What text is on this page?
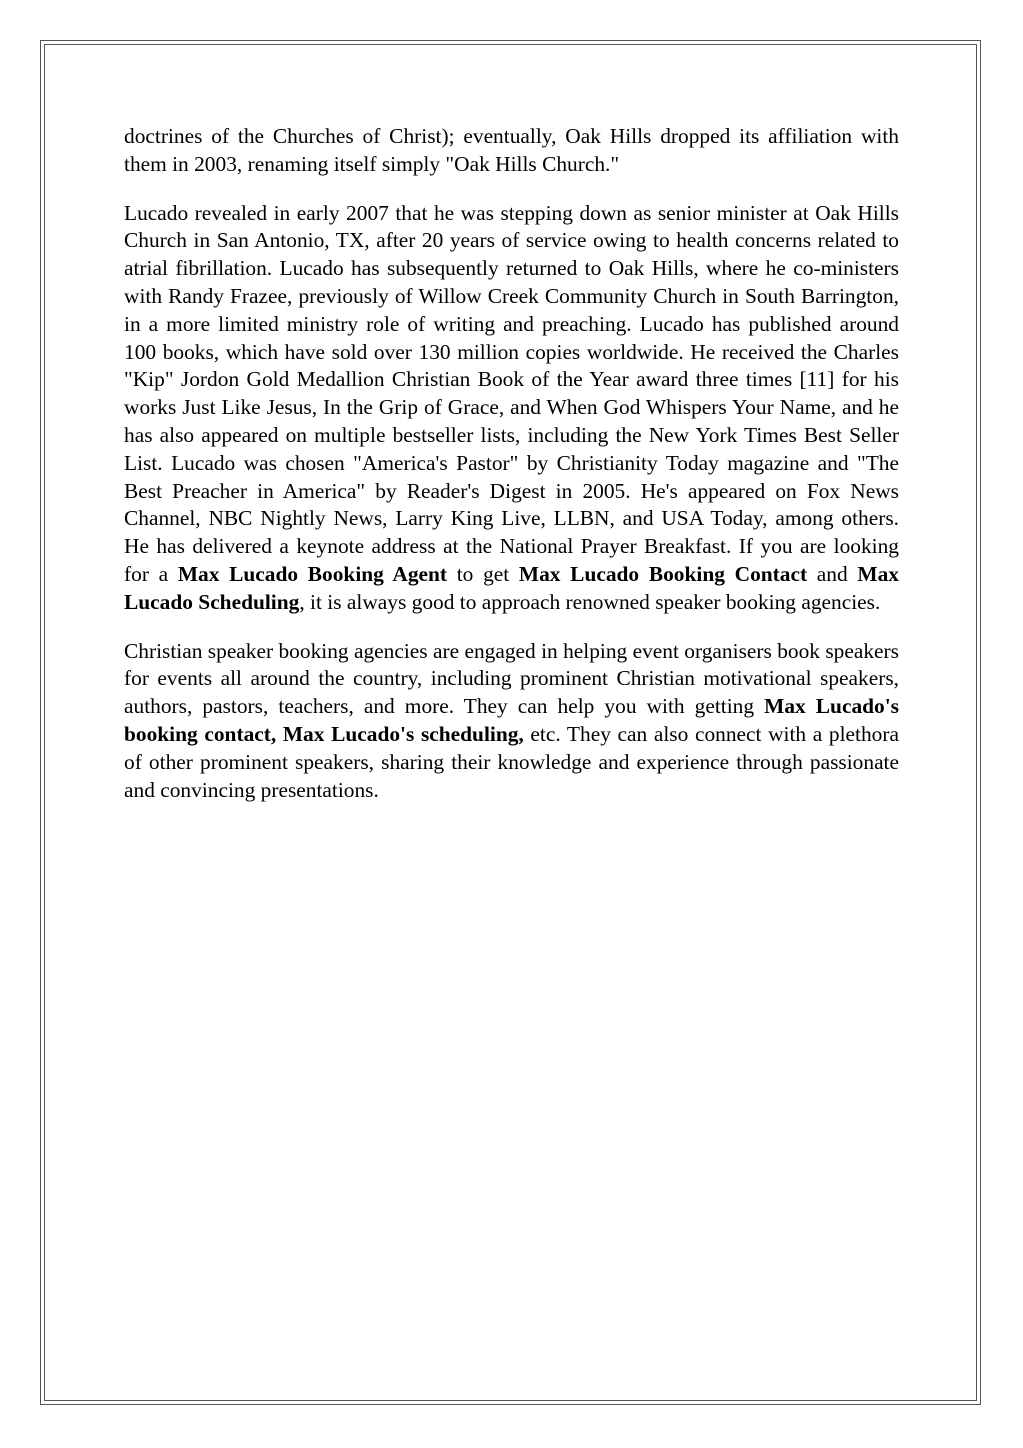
doctrines of the Churches of Christ); eventually, Oak Hills dropped its affiliation with them in 2003, renaming itself simply "Oak Hills Church."

Lucado revealed in early 2007 that he was stepping down as senior minister at Oak Hills Church in San Antonio, TX, after 20 years of service owing to health concerns related to atrial fibrillation. Lucado has subsequently returned to Oak Hills, where he co-ministers with Randy Frazee, previously of Willow Creek Community Church in South Barrington, in a more limited ministry role of writing and preaching. Lucado has published around 100 books, which have sold over 130 million copies worldwide. He received the Charles "Kip" Jordon Gold Medallion Christian Book of the Year award three times [11] for his works Just Like Jesus, In the Grip of Grace, and When God Whispers Your Name, and he has also appeared on multiple bestseller lists, including the New York Times Best Seller List. Lucado was chosen "America's Pastor" by Christianity Today magazine and "The Best Preacher in America" by Reader's Digest in 2005. He's appeared on Fox News Channel, NBC Nightly News, Larry King Live, LLBN, and USA Today, among others. He has delivered a keynote address at the National Prayer Breakfast. If you are looking for a Max Lucado Booking Agent to get Max Lucado Booking Contact and Max Lucado Scheduling, it is always good to approach renowned speaker booking agencies.

Christian speaker booking agencies are engaged in helping event organisers book speakers for events all around the country, including prominent Christian motivational speakers, authors, pastors, teachers, and more. They can help you with getting Max Lucado's booking contact, Max Lucado's scheduling, etc. They can also connect with a plethora of other prominent speakers, sharing their knowledge and experience through passionate and convincing presentations.
